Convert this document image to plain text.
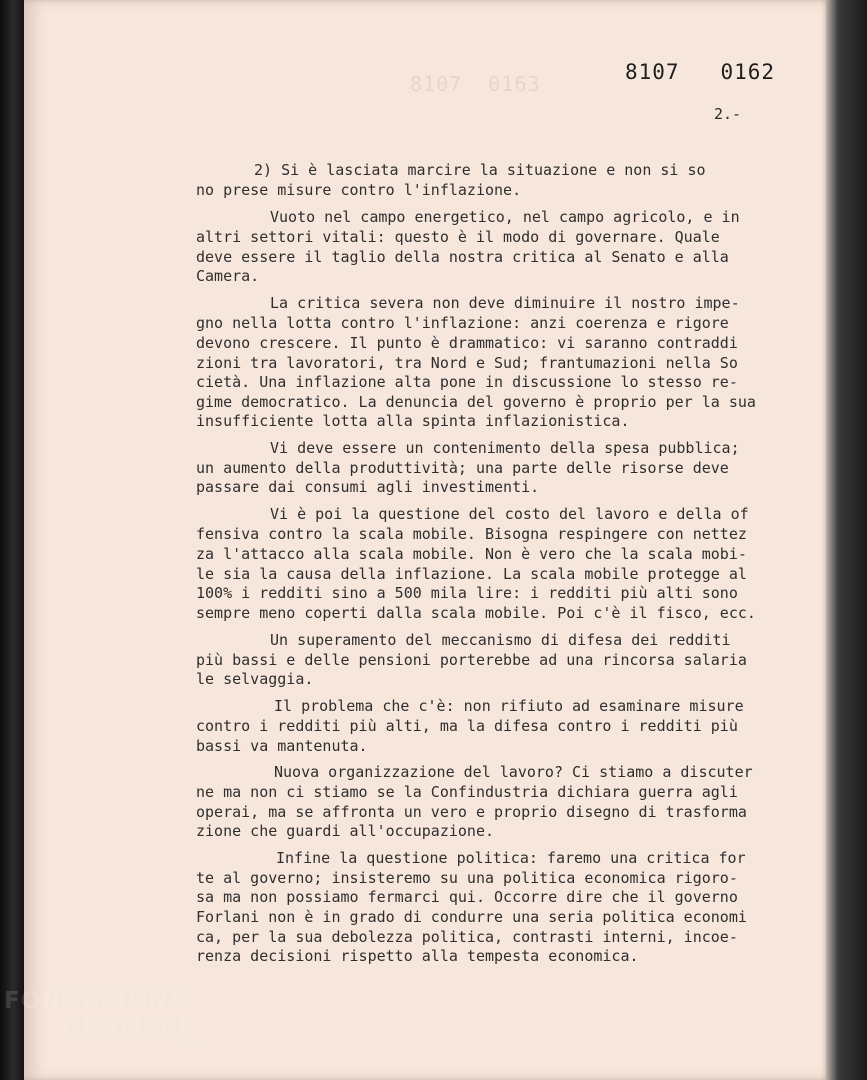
8107  0163	8107   0162
2.-
2) Si è lasciata marcire la situazione e non si so
no prese misure contro l'inflazione.
Vuoto nel campo energetico, nel campo agricolo, e in
altri settori vitali: questo è il modo di governare. Quale
deve essere il taglio della nostra critica al Senato e alla
Camera.
La critica severa non deve diminuire il nostro impe-
gno nella lotta contro l'inflazione: anzi coerenza e rigore
devono crescere. Il punto è drammatico: vi saranno contraddi
zioni tra lavoratori, tra Nord e Sud; frantumazioni nella So
cietà. Una inflazione alta pone in discussione lo stesso re-
gime democratico. La denuncia del governo è proprio per la sua
insufficiente lotta alla spinta inflazionistica.
Vi deve essere un contenimento della spesa pubblica;
un aumento della produttività; una parte delle risorse deve
passare dai consumi agli investimenti.
Vi è poi la questione del costo del lavoro e della of
fensiva contro la scala mobile. Bisogna respingere con nettez
za l'attacco alla scala mobile. Non è vero che la scala mobi-
le sia la causa della inflazione. La scala mobile protegge al
100% i redditi sino a 500 mila lire: i redditi più alti sono
sempre meno coperti dalla scala mobile. Poi c'è il fisco, ecc.
Un superamento del meccanismo di difesa dei redditi
più bassi e delle pensioni porterebbe ad una rincorsa salaria
le selvaggia.
Il problema che c'è: non rifiuto ad esaminare misure
contro i redditi più alti, ma la difesa contro i redditi più
bassi va mantenuta.
Nuova organizzazione del lavoro? Ci stiamo a discuter
ne ma non ci stiamo se la Confindustria dichiara guerra agli
operai, ma se affronta un vero e proprio disegno di trasforma
zione che guardi all'occupazione.
Infine la questione politica: faremo una critica for
te al governo; insisteremo su una politica economica rigoro-
sa ma non possiamo fermarci qui. Occorre dire che il governo
Forlani non è in grado di condurre una seria politica economi
ca, per la sua debolezza politica, contrasti interni, incoe-
renza decisioni rispetto alla tempesta economica.
FONDAZIONE
GRAMSCI
onlus
